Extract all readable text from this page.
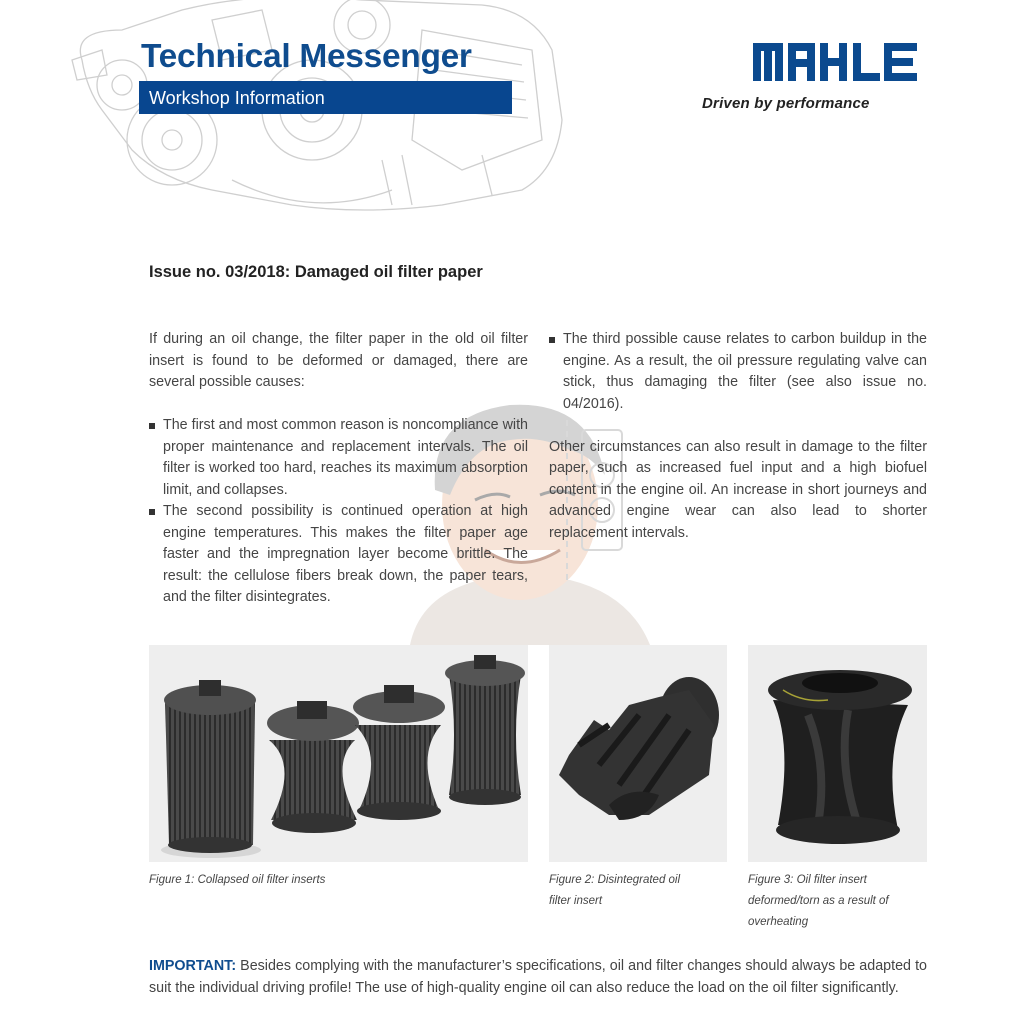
Technical Messenger
Workshop Information	Driven by performance
Issue no. 03/2018: Damaged oil filter paper

If during an oil change, the filter paper in the old oil filter insert is found to be deformed or damaged, there are several possible causes:

The first and most common reason is noncompliance with proper maintenance and replacement intervals. The oil filter is worked too hard, reaches its maximum absorption limit, and collapses.
The second possibility is continued operation at high engine temperatures. This makes the filter paper age faster and the impregnation layer become brittle. The result: the cellulose fibers break down, the paper tears, and the filter disintegrates.
The third possible cause relates to carbon buildup in the engine. As a result, the oil pressure regulating valve can stick, thus damaging the filter (see also issue no. 04/2016).

Other circumstances can also result in damage to the filter paper, such as increased fuel input and a high biofuel content in the engine oil. An increase in short journeys and advanced engine wear can also lead to shorter replacement intervals.

Figure 1: Collapsed oil filter inserts	Figure 2: Disintegrated oil filter insert
Figure 3: Oil filter insert deformed/torn as a result of overheating
IMPORTANT: Besides complying with the manufacturer’s specifications, oil and filter changes should always be adapted to suit the individual driving profile! The use of high-quality engine oil can also reduce the load on the oil filter significantly.
